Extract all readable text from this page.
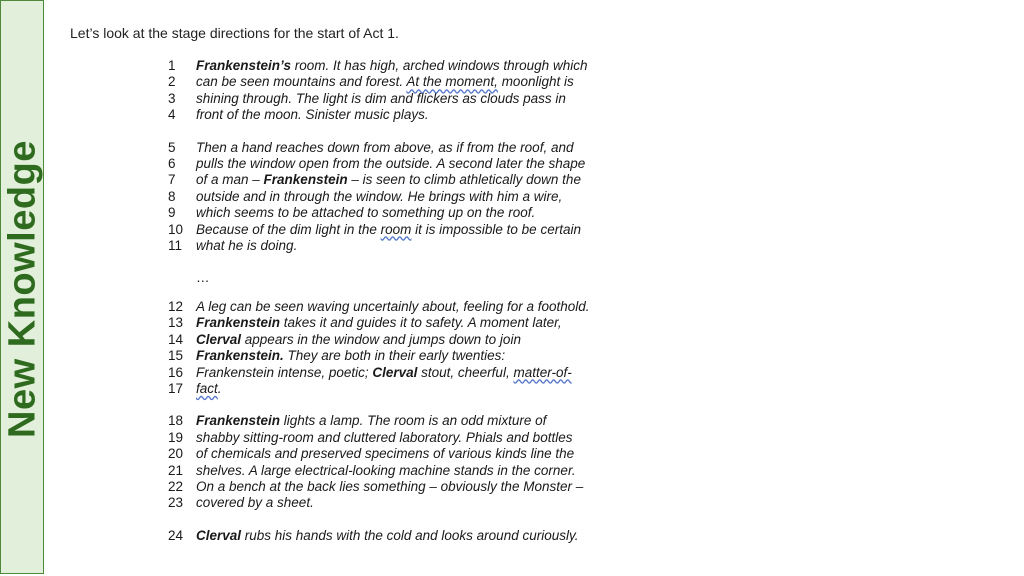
New Knowledge
Let’s look at the stage directions for the start of Act 1.
1	Frankenstein’s room. It has high, arched windows through which
2	can be seen mountains and forest. At the moment, moonlight is
3	shining through. The light is dim and flickers as clouds pass in
4	front of the moon. Sinister music plays.
5	Then a hand reaches down from above, as if from the roof, and
6	pulls the window open from the outside. A second later the shape
7	of a man – Frankenstein – is seen to climb athletically down the
8	outside and in through the window. He brings with him a wire,
9	which seems to be attached to something up on the roof.
10 Because of the dim light in the room it is impossible to be certain
11	what he is doing.
…
12 A leg can be seen waving uncertainly about, feeling for a foothold.
13 Frankenstein takes it and guides it to safety. A moment later,
14 Clerval appears in the window and jumps down to join
15 Frankenstein. They are both in their early twenties:
16 Frankenstein intense, poetic; Clerval stout, cheerful, matter-of-
17 fact.
18 Frankenstein lights a lamp. The room is an odd mixture of
19 shabby sitting-room and cluttered laboratory. Phials and bottles
20 of chemicals and preserved specimens of various kinds line the
21 shelves. A large electrical-looking machine stands in the corner.
22 On a bench at the back lies something – obviously the Monster –
23 covered by a sheet.
24 Clerval rubs his hands with the cold and looks around curiously.
